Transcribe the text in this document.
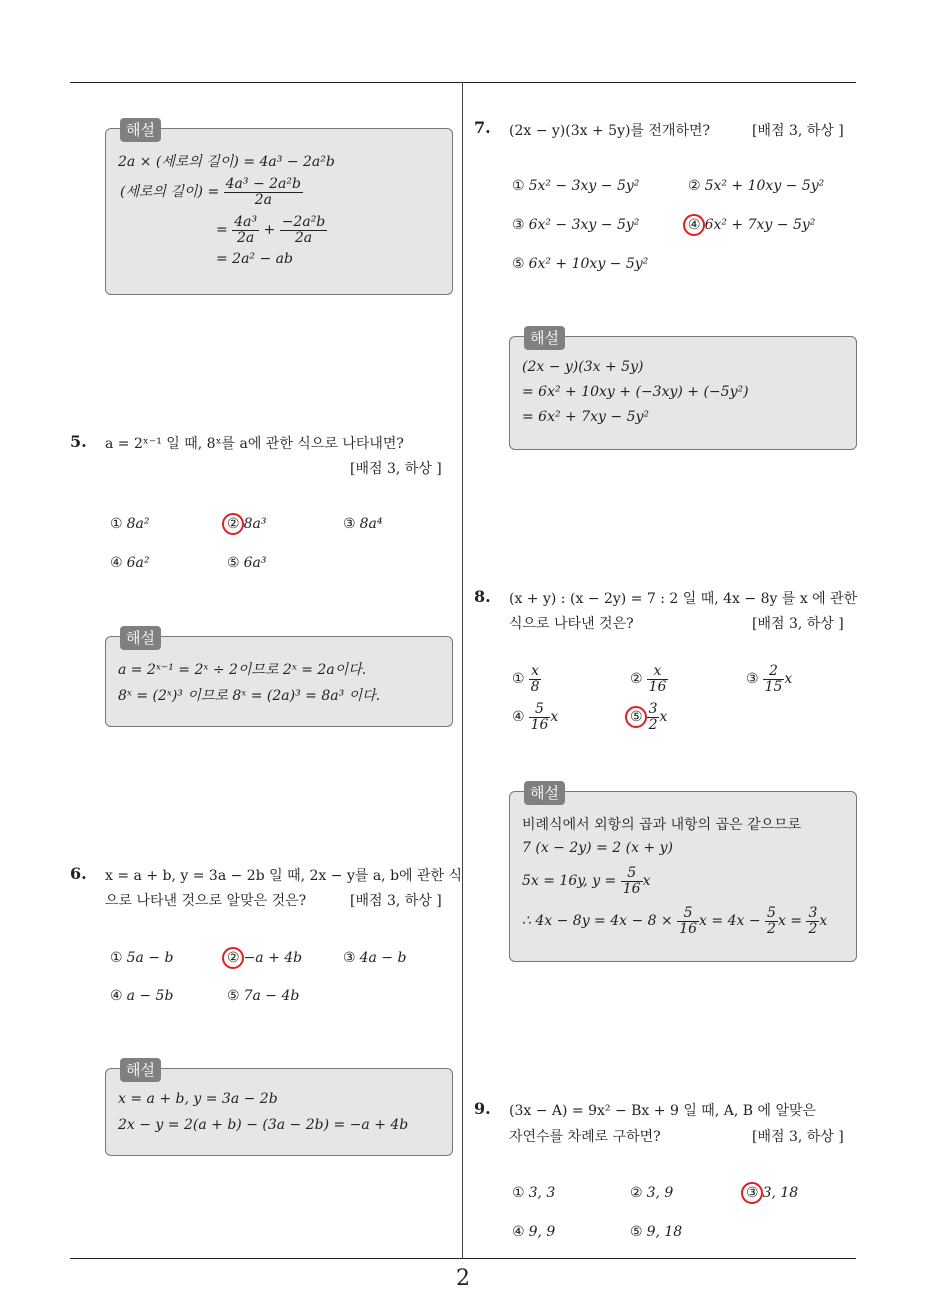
해설
2a × (세로의 길이) = 4a³ − 2a²b
(세로의 길이) = $\frac{\text{4a³ − 2a²b}}{2a}$
= $\frac{\text{4a³}}{2a} + \frac{\text{−2a²b}}{2a}$
= 2a² − ab
5. a = 2ˣ⁻¹ 일 때, 8ˣ를 a에 관한 식으로 나타내면?
[배점 3, 하상 ]
① 8a²	② 8a³	③ 8a⁴
④ 6a²	⑤ 6a³
해설
a = 2ˣ⁻¹ = 2ˣ ÷ 2이므로 2ˣ = 2a이다.
8ˣ = (2ˣ)³ 이므로 8ˣ = (2a)³ = 8a³ 이다.
6. x = a + b, y = 3a − 2b 일 때, 2x − y를 a, b에 관한 식
으로 나타낸 것으로 알맞은 것은?	[배점 3, 하상 ]
① 5a − b	② −a + 4b	③ 4a − b
④ a − 5b	⑤ 7a − 4b
해설
x = a + b, y = 3a − 2b
2x − y = 2(a + b) − (3a − 2b) = −a + 4b
7. (2x − y)(3x + 5y)를 전개하면?	[배점 3, 하상 ]
① 5x² − 3xy − 5y²	② 5x² + 10xy − 5y²
③ 6x² − 3xy − 5y²	④ 6x² + 7xy − 5y²
⑤ 6x² + 10xy − 5y²
해설
(2x − y)(3x + 5y)
= 6x² + 10xy + (−3xy) + (−5y²)
= 6x² + 7xy − 5y²
8. (x + y) : (x − 2y) = 7 : 2 일 때, 4x − 8y 를 x 에 관한
식으로 나타낸 것은?	[배점 3, 하상 ]
① $\frac{x}{8}$	② $\frac{x}{16}$	③ $\frac{2}{15}$ x
④ $\frac{5}{16}$ x	⑤ $\frac{3}{2}$ x
해설
비례식에서 외항의 곱과 내항의 곱은 같으므로
7 (x − 2y) = 2 (x + y)
5x = 16y, $y = \frac{5}{16}$ x
∴ $4x - 8y = 4x - 8 \times \frac{5}{16}$ $x = 4x - \frac{5}{2}$ $x = \frac{3}{2}$ x
9. (3x − A) = 9x² − Bx + 9 일 때, A, B 에 알맞은
자연수를 차례로 구하면?	[배점 3, 하상 ]
① 3, 3	② 3, 9	③ 3, 18
④ 9, 9	⑤ 9, 18
2
